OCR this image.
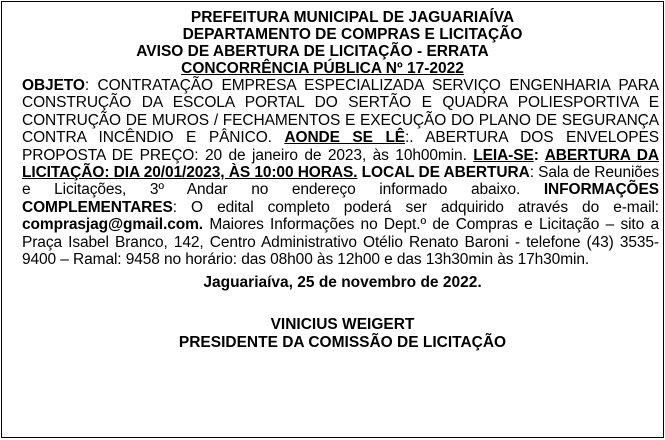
PREFEITURA MUNICIPAL DE JAGUARIAÍVA
DEPARTAMENTO DE COMPRAS E LICITAÇÃO
AVISO DE ABERTURA DE LICITAÇÃO - ERRATA
CONCORRÊNCIA PÚBLICA Nº 17-2022
OBJETO: CONTRATAÇÃO EMPRESA ESPECIALIZADA SERVIÇO ENGENHARIA PARA CONSTRUÇÃO DA ESCOLA PORTAL DO SERTÃO E QUADRA POLIESPORTIVA E CONTRUÇÃO DE MUROS / FECHAMENTOS E EXECUÇÃO DO PLANO DE SEGURANÇA CONTRA INCÊNDIO E PÂNICO. AONDE SE LÊ:. ABERTURA DOS ENVELOPES PROPOSTA DE PREÇO: 20 de janeiro de 2023, às 10h00min. LEIA-SE: ABERTURA DA LICITAÇÃO: DIA 20/01/2023, ÀS 10:00 HORAS. LOCAL DE ABERTURA: Sala de Reuniões e Licitações, 3º Andar no endereço informado abaixo. INFORMAÇÕES COMPLEMENTARES: O edital completo poderá ser adquirido através do e-mail: comprasjag@gmail.com. Maiores Informações no Dept.º de Compras e Licitação – sito a Praça Isabel Branco, 142, Centro Administrativo Otélio Renato Baroni - telefone (43) 3535-9400 – Ramal: 9458 no horário: das 08h00 às 12h00 e das 13h30min às 17h30min.
Jaguariaíva, 25 de novembro de 2022.
VINICIUS WEIGERT
PRESIDENTE DA COMISSÃO DE LICITAÇÃO
